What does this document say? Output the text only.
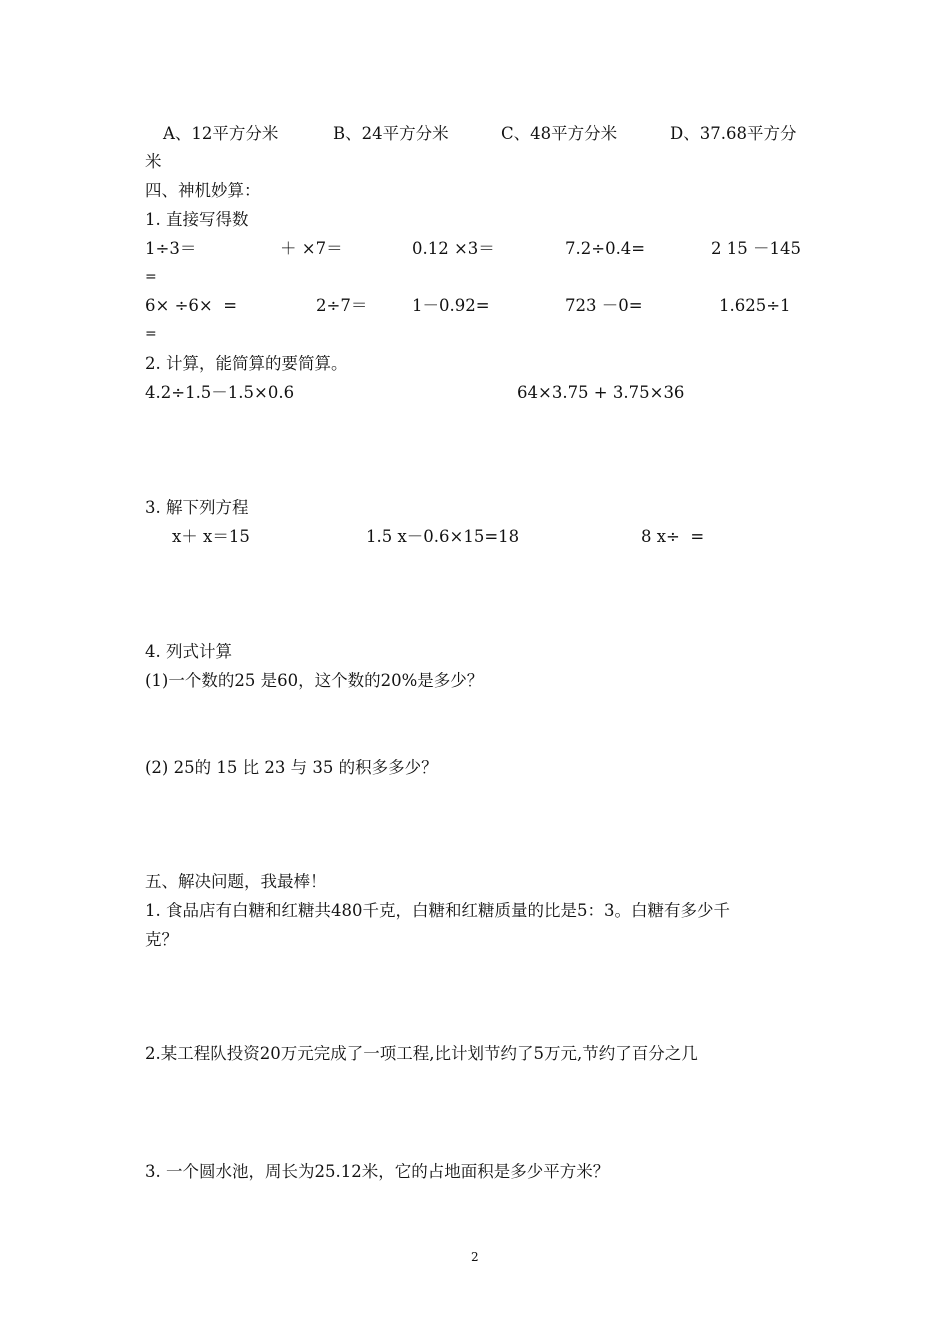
A、12平方分米	B、24平方分米	C、48平方分米	D、37.68平方分
米
四、神机妙算：
1. 直接写得数
1÷3＝	＋ ×7＝	0.12 ×3＝	7.2÷0.4=	2 15 －145
=
6× ÷6×  =	2÷7＝	1－0.92=	723 －0=	1.625÷1
=
2. 计算，能简算的要简算。
4.2÷1.5－1.5×0.6	64×3.75 + 3.75×36
3. 解下列方程
x＋ x＝15	1.5 x－0.6×15=18	8 x÷  =
4. 列式计算
(1)一个数的25 是60，这个数的20%是多少？
(2) 25的 15 比 23 与 35 的积多多少？
五、解决问题，我最棒！
1. 食品店有白糖和红糖共480千克，白糖和红糖质量的比是5：3。白糖有多少千
克？
2.某工程队投资20万元完成了一项工程,比计划节约了5万元,节约了百分之几
3. 一个圆水池，周长为25.12米，它的占地面积是多少平方米？
2
